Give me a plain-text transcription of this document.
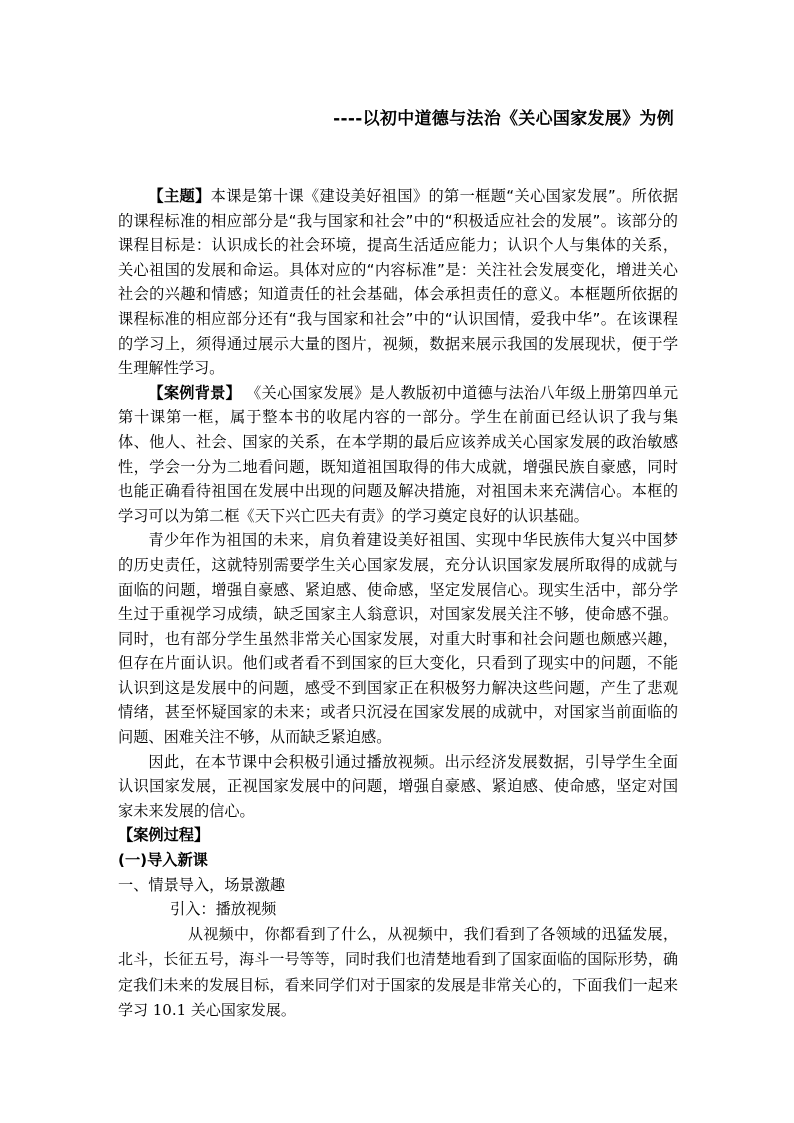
----以初中道德与法治《关心国家发展》为例

【主题】本课是第十课《建设美好祖国》的第一框题“关心国家发展”。所依据的课程标准的相应部分是“我与国家和社会”中的“积极适应社会的发展”。该部分的课程目标是：认识成长的社会环境，提高生活适应能力；认识个人与集体的关系，关心祖国的发展和命运。具体对应的“内容标准”是：关注社会发展变化，增进关心社会的兴趣和情感；知道责任的社会基础，体会承担责任的意义。本框题所依据的课程标准的相应部分还有“我与国家和社会”中的“认识国情，爱我中华”。在该课程的学习上，须得通过展示大量的图片，视频，数据来展示我国的发展现状，便于学生理解性学习。

【案例背景】 《关心国家发展》是人教版初中道德与法治八年级上册第四单元第十课第一框，属于整本书的收尾内容的一部分。学生在前面已经认识了我与集体、他人、社会、国家的关系，在本学期的最后应该养成关心国家发展的政治敏感性，学会一分为二地看问题，既知道祖国取得的伟大成就，增强民族自豪感，同时也能正确看待祖国在发展中出现的问题及解决措施，对祖国未来充满信心。本框的学习可以为第二框《天下兴亡匹夫有责》的学习奠定良好的认识基础。

青少年作为祖国的未来，肩负着建设美好祖国、实现中华民族伟大复兴中国梦的历史责任，这就特别需要学生关心国家发展，充分认识国家发展所取得的成就与面临的问题，增强自豪感、紧迫感、使命感，坚定发展信心。现实生活中，部分学生过于重视学习成绩，缺乏国家主人翁意识，对国家发展关注不够，使命感不强。同时，也有部分学生虽然非常关心国家发展，对重大时事和社会问题也颇感兴趣，但存在片面认识。他们或者看不到国家的巨大变化，只看到了现实中的问题，不能认识到这是发展中的问题，感受不到国家正在积极努力解决这些问题，产生了悲观情绪，甚至怀疑国家的未来；或者只沉浸在国家发展的成就中，对国家当前面临的问题、困难关注不够，从而缺乏紧迫感。

因此，在本节课中会积极引通过播放视频。出示经济发展数据，引导学生全面认识国家发展，正视国家发展中的问题，增强自豪感、紧迫感、使命感，坚定对国家未来发展的信心。

【案例过程】

(一)导入新课

一、情景导入，场景激趣

引入：播放视频

从视频中，你都看到了什么，从视频中，我们看到了各领域的迅猛发展，北斗，长征五号，海斗一号等等，同时我们也清楚地看到了国家面临的国际形势，确定我们未来的发展目标，看来同学们对于国家的发展是非常关心的，下面我们一起来学习 10.1 关心国家发展。
